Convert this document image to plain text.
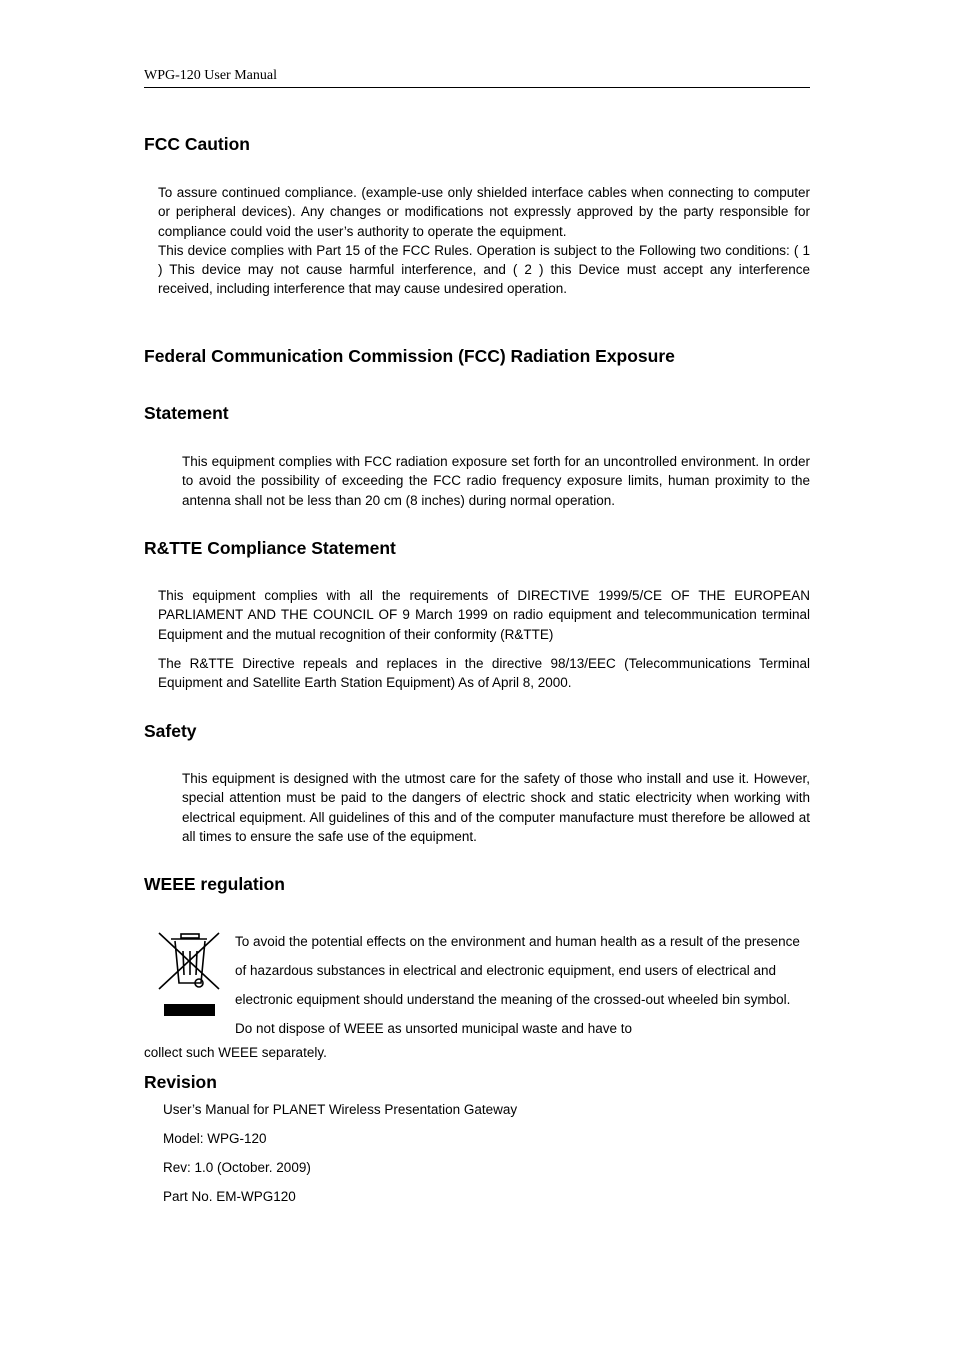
WPG-120 User Manual
FCC Caution
To assure continued compliance. (example-use only shielded interface cables when connecting to computer or peripheral devices). Any changes or modifications not expressly approved by the party responsible for compliance could void the user’s authority to operate the equipment.
This device complies with Part 15 of the FCC Rules. Operation is subject to the Following two conditions: ( 1 ) This device may not cause harmful interference, and ( 2 ) this Device must accept any interference received, including interference that may cause undesired operation.
Federal Communication Commission (FCC) Radiation Exposure
Statement

This equipment complies with FCC radiation exposure set forth for an uncontrolled environment. In order to avoid the possibility of exceeding the FCC radio frequency exposure limits, human proximity to the antenna shall not be less than 20 cm (8 inches) during normal operation.

R&TTE Compliance Statement

This equipment complies with all the requirements of DIRECTIVE 1999/5/CE OF THE EUROPEAN PARLIAMENT AND THE COUNCIL OF 9 March 1999 on radio equipment and telecommunication terminal Equipment and the mutual recognition of their conformity (R&TTE)

The R&TTE Directive repeals and replaces in the directive 98/13/EEC (Telecommunications Terminal Equipment and Satellite Earth Station Equipment) As of April 8, 2000.

Safety

This equipment is designed with the utmost care for the safety of those who install and use it. However, special attention must be paid to the dangers of electric shock and static electricity when working with electrical equipment. All guidelines of this and of the computer manufacture must therefore be allowed at all times to ensure the safe use of the equipment.

WEEE regulation

To avoid the potential effects on the environment and human health as a result of the presence of hazardous substances in electrical and electronic equipment, end users of electrical and electronic equipment should understand the meaning of the crossed-out wheeled bin symbol. Do not dispose of WEEE as unsorted municipal waste and have to

collect such WEEE separately.

Revision

User’s Manual for PLANET Wireless Presentation Gateway

Model: WPG-120

Rev: 1.0 (October. 2009)

Part No. EM-WPG120
